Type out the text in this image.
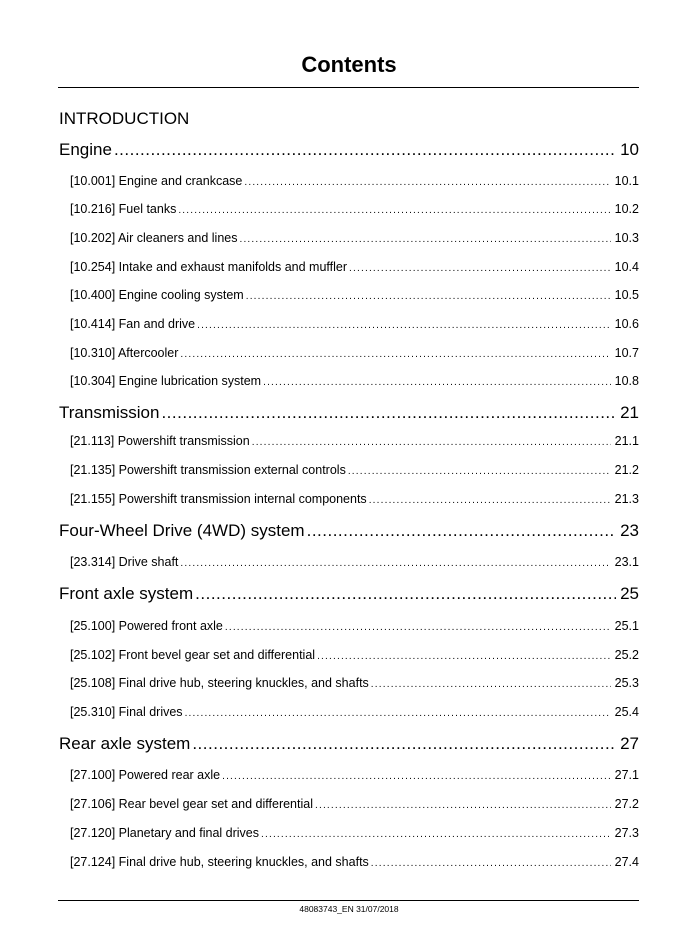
Contents
INTRODUCTION
Engine .....	10
[10.001] Engine and crankcase .....	10.1
[10.216] Fuel tanks .....	10.2
[10.202] Air cleaners and lines .....	10.3
[10.254] Intake and exhaust manifolds and muffler .....	10.4
[10.400] Engine cooling system .....	10.5
[10.414] Fan and drive .....	10.6
[10.310] Aftercooler .....	10.7
[10.304] Engine lubrication system .....	10.8
Transmission .....	21
[21.113] Powershift transmission .....	21.1
[21.135] Powershift transmission external controls .....	21.2
[21.155] Powershift transmission internal components .....	21.3
Four-Wheel Drive (4WD) system .....	23
[23.314] Drive shaft .....	23.1
Front axle system .....	25
[25.100] Powered front axle .....	25.1
[25.102] Front bevel gear set and differential .....	25.2
[25.108] Final drive hub, steering knuckles, and shafts .....	25.3
[25.310] Final drives .....	25.4
Rear axle system .....	27
[27.100] Powered rear axle .....	27.1
[27.106] Rear bevel gear set and differential .....	27.2
[27.120] Planetary and final drives .....	27.3
[27.124] Final drive hub, steering knuckles, and shafts .....	27.4
48083743_EN 31/07/2018
